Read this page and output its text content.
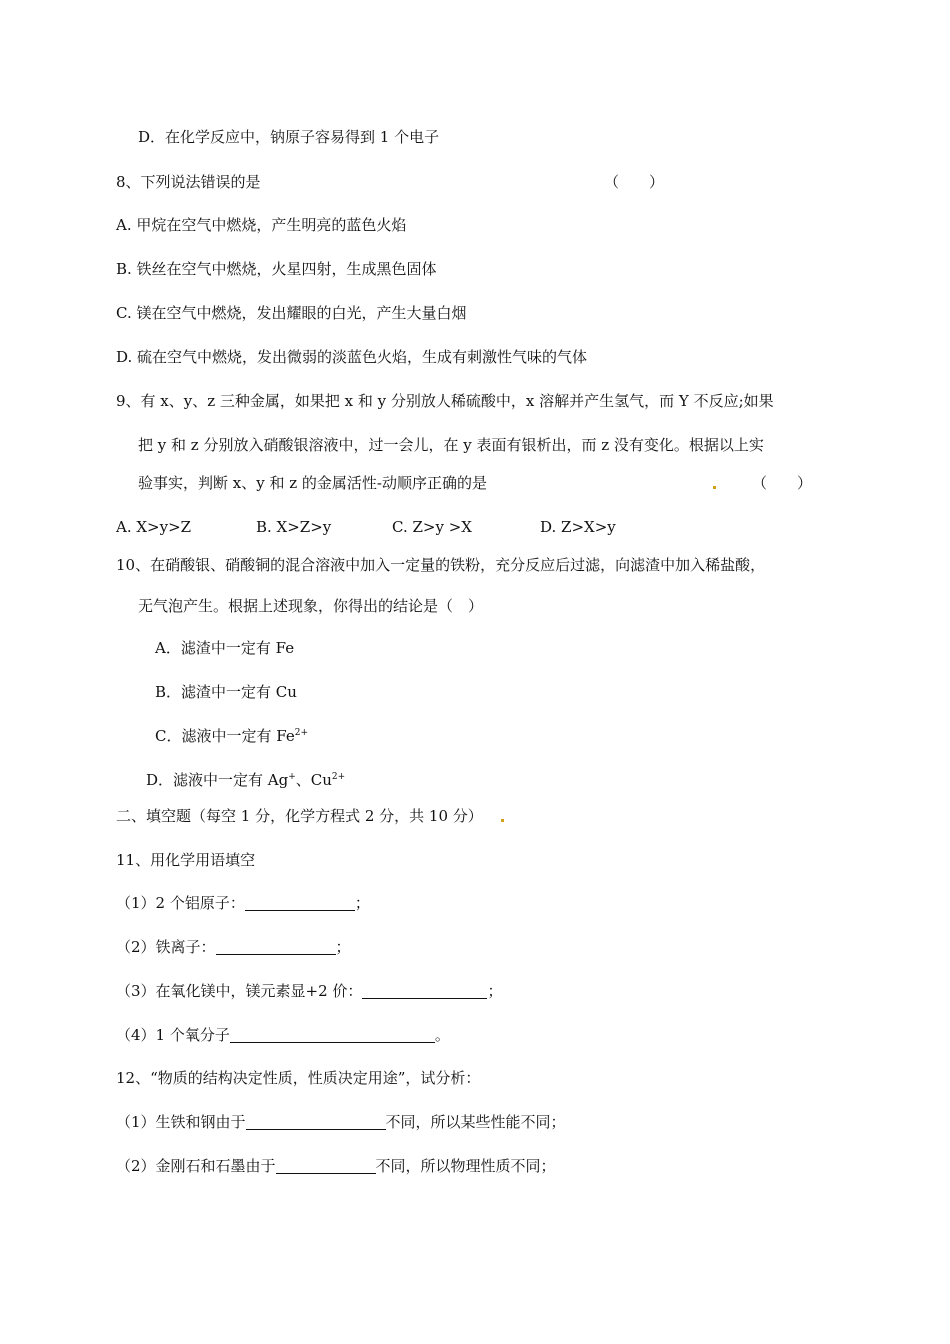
D．在化学反应中，钠原子容易得到 1 个电子
8、下列说法错误的是	（　　）
A. 甲烷在空气中燃烧，产生明亮的蓝色火焰
B. 铁丝在空气中燃烧，火星四射，生成黑色固体
C. 镁在空气中燃烧，发出耀眼的白光，产生大量白烟
D. 硫在空气中燃烧，发出微弱的淡蓝色火焰，生成有刺激性气味的气体
9、有 x、y、z 三种金属，如果把 x 和 y 分别放人稀硫酸中，x 溶解并产生氢气，而 Y 不反应;如果
把 y 和 z 分别放入硝酸银溶液中，过一会儿，在 y 表面有银析出，而 z 没有变化。根据以上实
验事实，判断 x、y 和 z 的金属活性-动顺序正确的是	（　　）
A. X>y>Z	B. X>Z>y	C. Z>y >X	D. Z>X>y
10、在硝酸银、硝酸铜的混合溶液中加入一定量的铁粉，充分反应后过滤，向滤渣中加入稀盐酸，
无气泡产生。根据上述现象，你得出的结论是（　）
A．滤渣中一定有 Fe
B．滤渣中一定有 Cu
C．滤液中一定有 $Fe^{2+}$
D．滤液中一定有 Ag+、$Cu^{2+}$
二、填空题（每空 1 分，化学方程式 2 分，共 10 分）
11、用化学用语填空
（1）2 个铝原子：	；
（2）铁离子：	；
（3）在氧化镁中，镁元素显+2 价：	；
（4）1 个氧分子	。
12、“物质的结构决定性质，性质决定用途”，试分析：
（1）生铁和钢由于	不同，所以某些性能不同；
（2）金刚石和石墨由于	不同，所以物理性质不同；
